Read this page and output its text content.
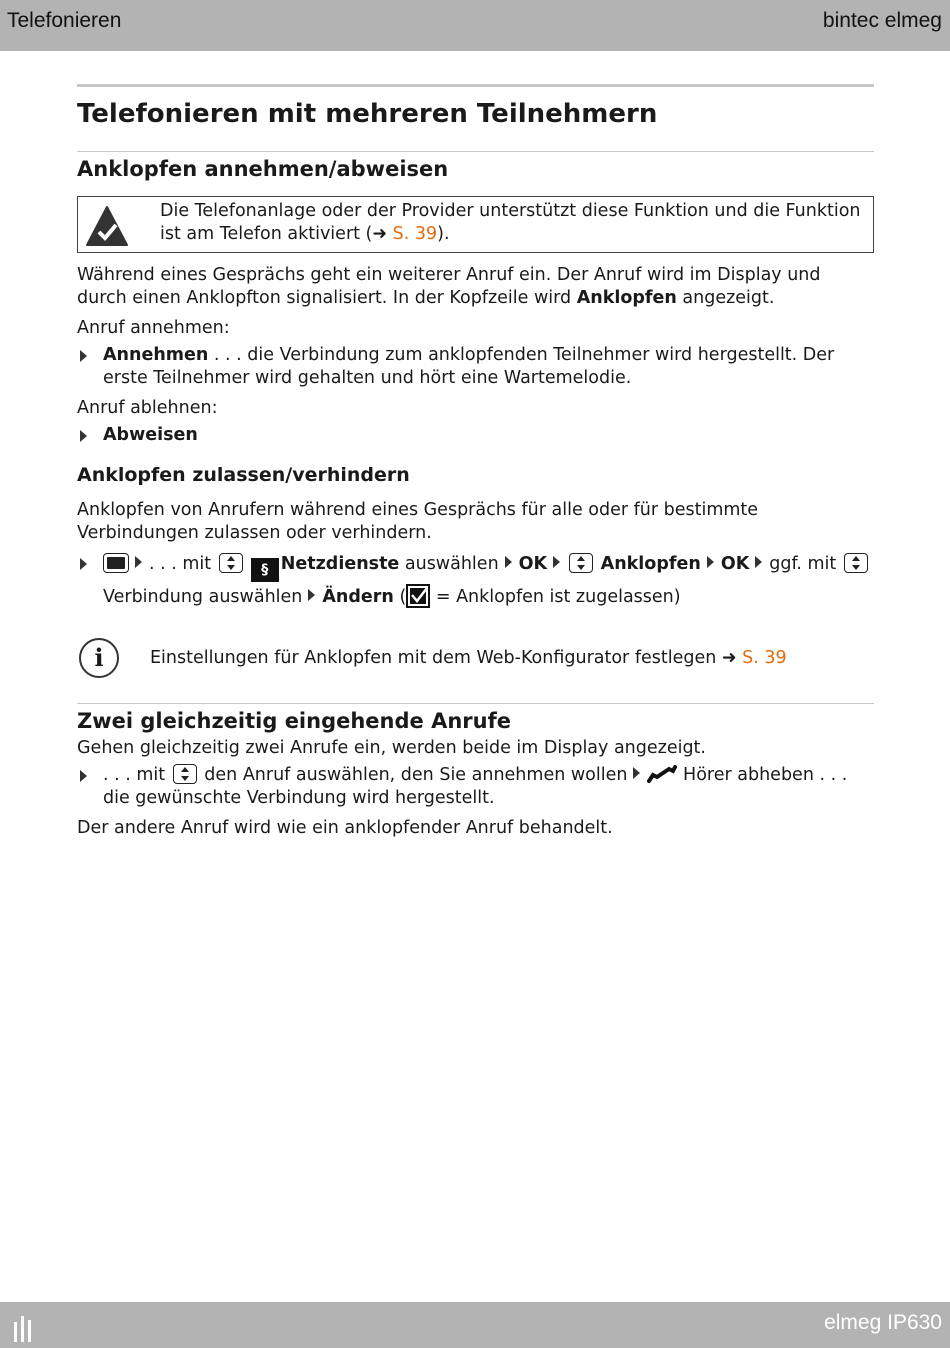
Telefonieren	bintec elmeg
Telefonieren mit mehreren Teilnehmern
Anklopfen annehmen/abweisen
Die Telefonanlage oder der Provider unterstützt diese Funktion und die Funktion ist am Telefon aktiviert (➜ S. 39).

Während eines Gesprächs geht ein weiterer Anruf ein. Der Anruf wird im Display und durch einen Anklopfton signalisiert. In der Kopfzeile wird Anklopfen angezeigt.

Anruf annehmen:

Annehmen . . . die Verbindung zum anklopfenden Teilnehmer wird hergestellt. Der erste Teilnehmer wird gehalten und hört eine Wartemelodie.

Anruf ablehnen:

Abweisen
Anklopfen zulassen/verhindern

Anklopfen von Anrufern während eines Gesprächs für alle oder für bestimmte Verbindungen zulassen oder verhindern.

. . . mit	§ Netzdienste auswählen OK	Anklopfen OK ggf. mit
Verbindung auswählen Ändern ( = Anklopfen ist zugelassen)
i	Einstellungen für Anklopfen mit dem Web-Konfigurator festlegen ➜ S. 39
Zwei gleichzeitig eingehende Anrufe

Gehen gleichzeitig zwei Anrufe ein, werden beide im Display angezeigt.

. . . mit  den Anruf auswählen, den Sie annehmen wollen	Hörer abheben . . . die gewünschte Verbindung wird hergestellt.

Der andere Anruf wird wie ein anklopfender Anruf behandelt.

elmeg IP630
